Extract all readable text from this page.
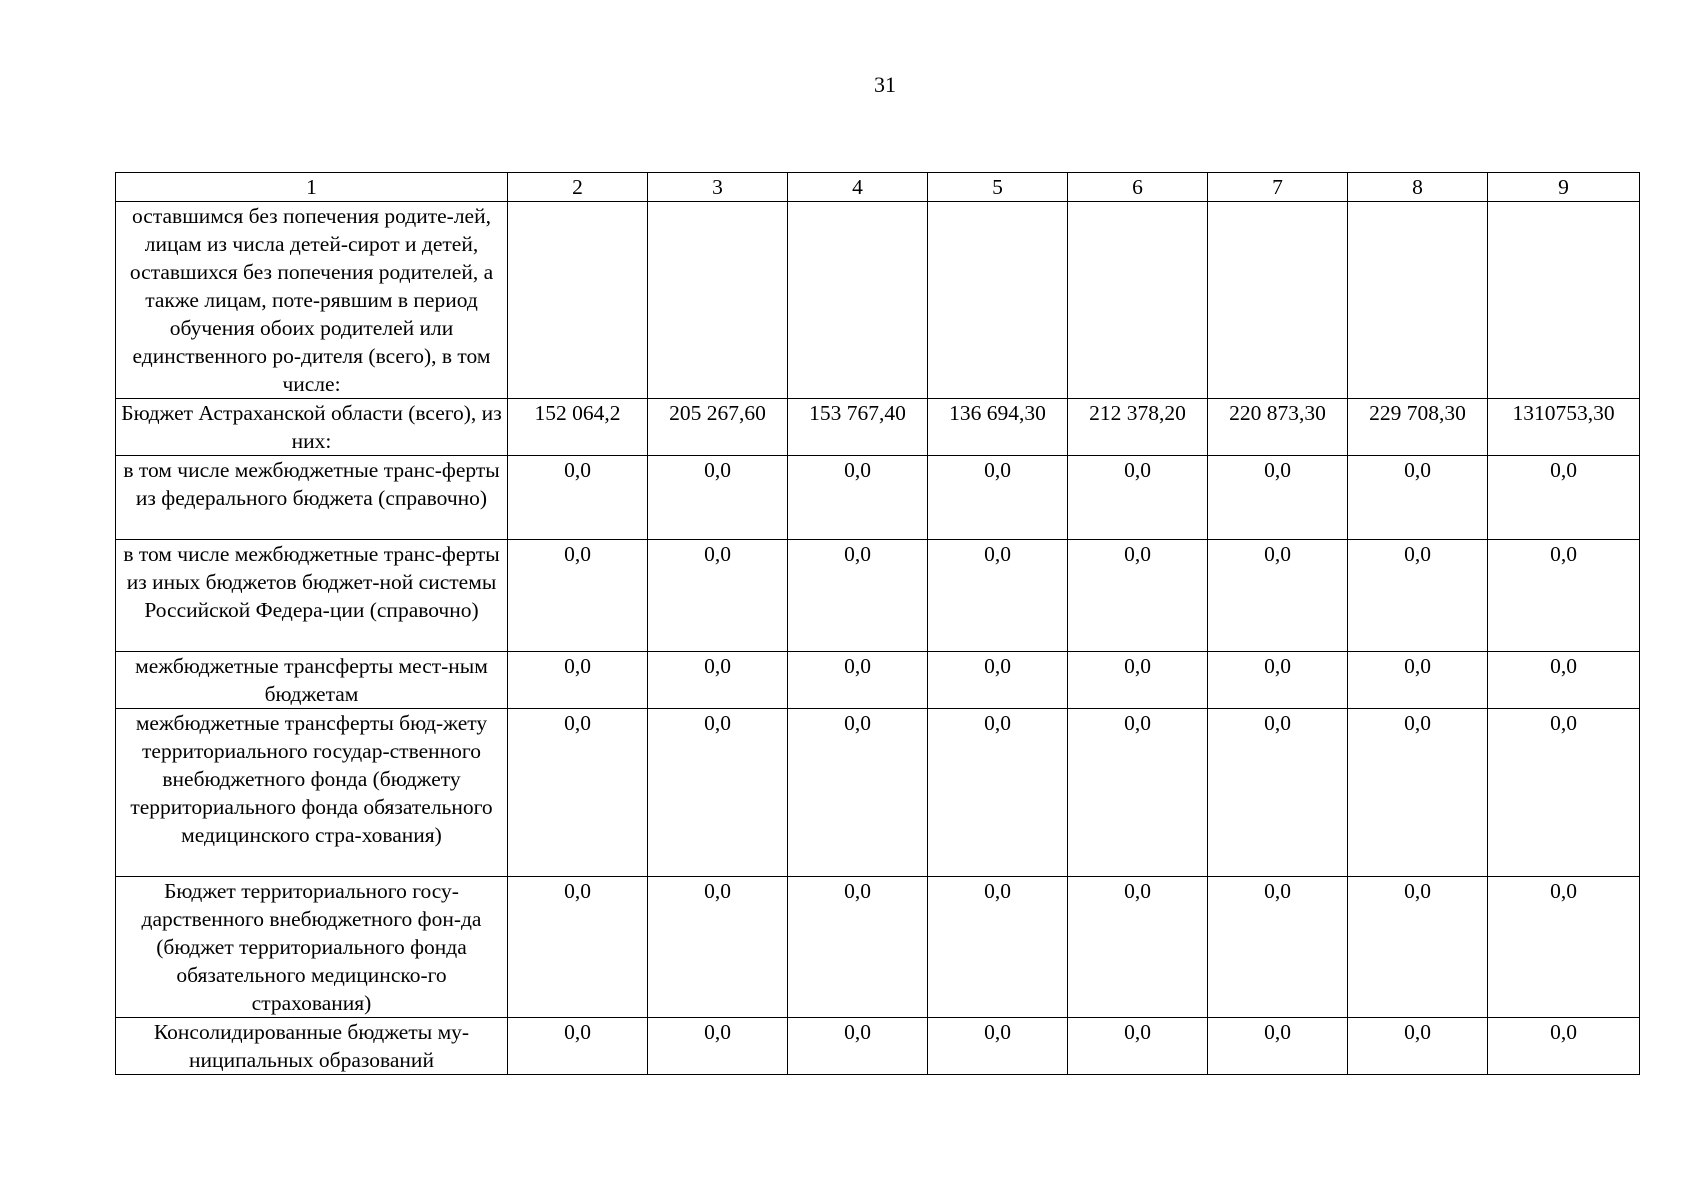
31
1	2	3	4	5	6	7	8	9
оставшимся без попечения родите-лей, лицам из числа детей-сирот и детей, оставшихся без попечения родителей, а также лицам, поте-рявшим в период обучения обоих родителей или единственного ро-дителя (всего), в том числе:								
Бюджет Астраханской области (всего), из них:	152 064,2	205 267,60	153 767,40	136 694,30	212 378,20	220 873,30	229 708,30	1310753,30
в том числе межбюджетные транс-ферты из федерального бюджета (справочно)	0,0	0,0	0,0	0,0	0,0	0,0	0,0	0,0
в том числе межбюджетные транс-ферты из иных бюджетов бюджет-ной системы Российской Федера-ции (справочно)	0,0	0,0	0,0	0,0	0,0	0,0	0,0	0,0
межбюджетные трансферты мест-ным бюджетам	0,0	0,0	0,0	0,0	0,0	0,0	0,0	0,0
межбюджетные трансферты бюд-жету территориального государ-ственного внебюджетного фонда (бюджету территориального фонда обязательного медицинского стра-хования)	0,0	0,0	0,0	0,0	0,0	0,0	0,0	0,0
Бюджет территориального госу-дарственного внебюджетного фон-да (бюджет территориального фонда обязательного медицинско-го страхования)	0,0	0,0	0,0	0,0	0,0	0,0	0,0	0,0
Консолидированные бюджеты му-ниципальных образований	0,0	0,0	0,0	0,0	0,0	0,0	0,0	0,0
